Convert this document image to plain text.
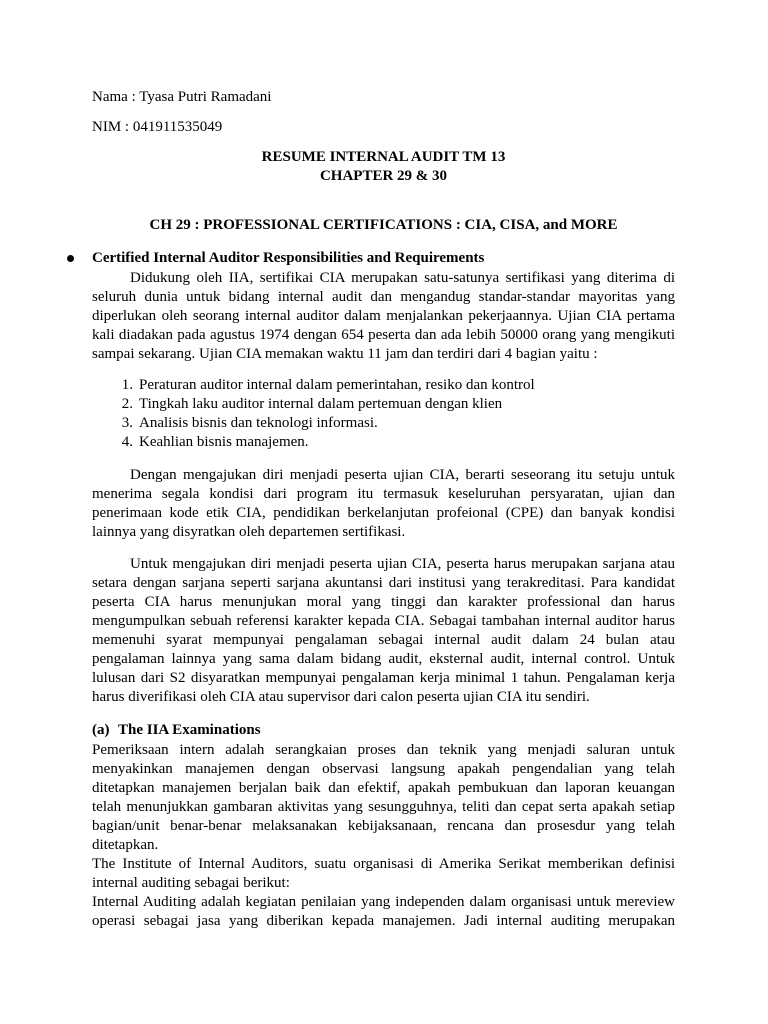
Nama : Tyasa Putri Ramadani

NIM : 041911535049

RESUME INTERNAL AUDIT TM 13

CHAPTER 29 & 30

CH 29 : PROFESSIONAL CERTIFICATIONS : CIA, CISA, and MORE

Certified Internal Auditor Responsibilities and Requirements

Didukung oleh IIA, sertifikai CIA merupakan satu-satunya sertifikasi yang diterima di

seluruh dunia untuk bidang internal audit dan mengandug standar-standar mayoritas yang

diperlukan oleh seorang internal auditor dalam menjalankan pekerjaannya. Ujian CIA pertama

kali diadakan pada agustus 1974 dengan 654 peserta dan ada lebih 50000 orang yang mengikuti

sampai sekarang. Ujian CIA memakan waktu 11 jam dan terdiri dari 4 bagian yaitu :

1. Peraturan auditor internal dalam pemerintahan, resiko dan kontrol
2. Tingkah laku auditor internal dalam pertemuan dengan klien
3. Analisis bisnis dan teknologi informasi.
4. Keahlian bisnis manajemen.

Dengan mengajukan diri menjadi peserta ujian CIA, berarti seseorang itu setuju untuk

menerima segala kondisi dari program itu termasuk keseluruhan persyaratan, ujian dan

penerimaan kode etik CIA, pendidikan berkelanjutan profeional (CPE) dan banyak kondisi

lainnya yang disyratkan oleh departemen sertifikasi.

Untuk mengajukan diri menjadi peserta ujian CIA, peserta harus merupakan sarjana atau

setara dengan sarjana seperti sarjana akuntansi dari institusi yang terakreditasi. Para kandidat

peserta CIA harus menunjukan moral yang tinggi dan karakter professional dan harus

mengumpulkan sebuah referensi karakter kepada CIA. Sebagai tambahan internal auditor harus

memenuhi syarat mempunyai pengalaman sebagai internal audit dalam 24 bulan atau

pengalaman lainnya yang sama dalam bidang audit, eksternal audit, internal control. Untuk

lulusan dari S2 disyaratkan mempunyai pengalaman kerja minimal 1 tahun. Pengalaman kerja

harus diverifikasi oleh CIA atau supervisor dari calon peserta ujian CIA itu sendiri.

(a) The IIA Examinations

Pemeriksaan intern adalah serangkaian proses dan teknik yang menjadi saluran untuk

menyakinkan manajemen dengan observasi langsung apakah pengendalian yang telah

ditetapkan manajemen berjalan baik dan efektif, apakah pembukuan dan laporan keuangan

telah menunjukkan gambaran aktivitas yang sesungguhnya, teliti dan cepat serta apakah setiap

bagian/unit benar-benar melaksanakan kebijaksanaan, rencana dan prosesdur yang telah

ditetapkan.

The Institute of Internal Auditors, suatu organisasi di Amerika Serikat memberikan definisi

internal auditing sebagai berikut:

Internal Auditing adalah kegiatan penilaian yang independen dalam organisasi untuk mereview

operasi sebagai jasa yang diberikan kepada manajemen. Jadi internal auditing merupakan
